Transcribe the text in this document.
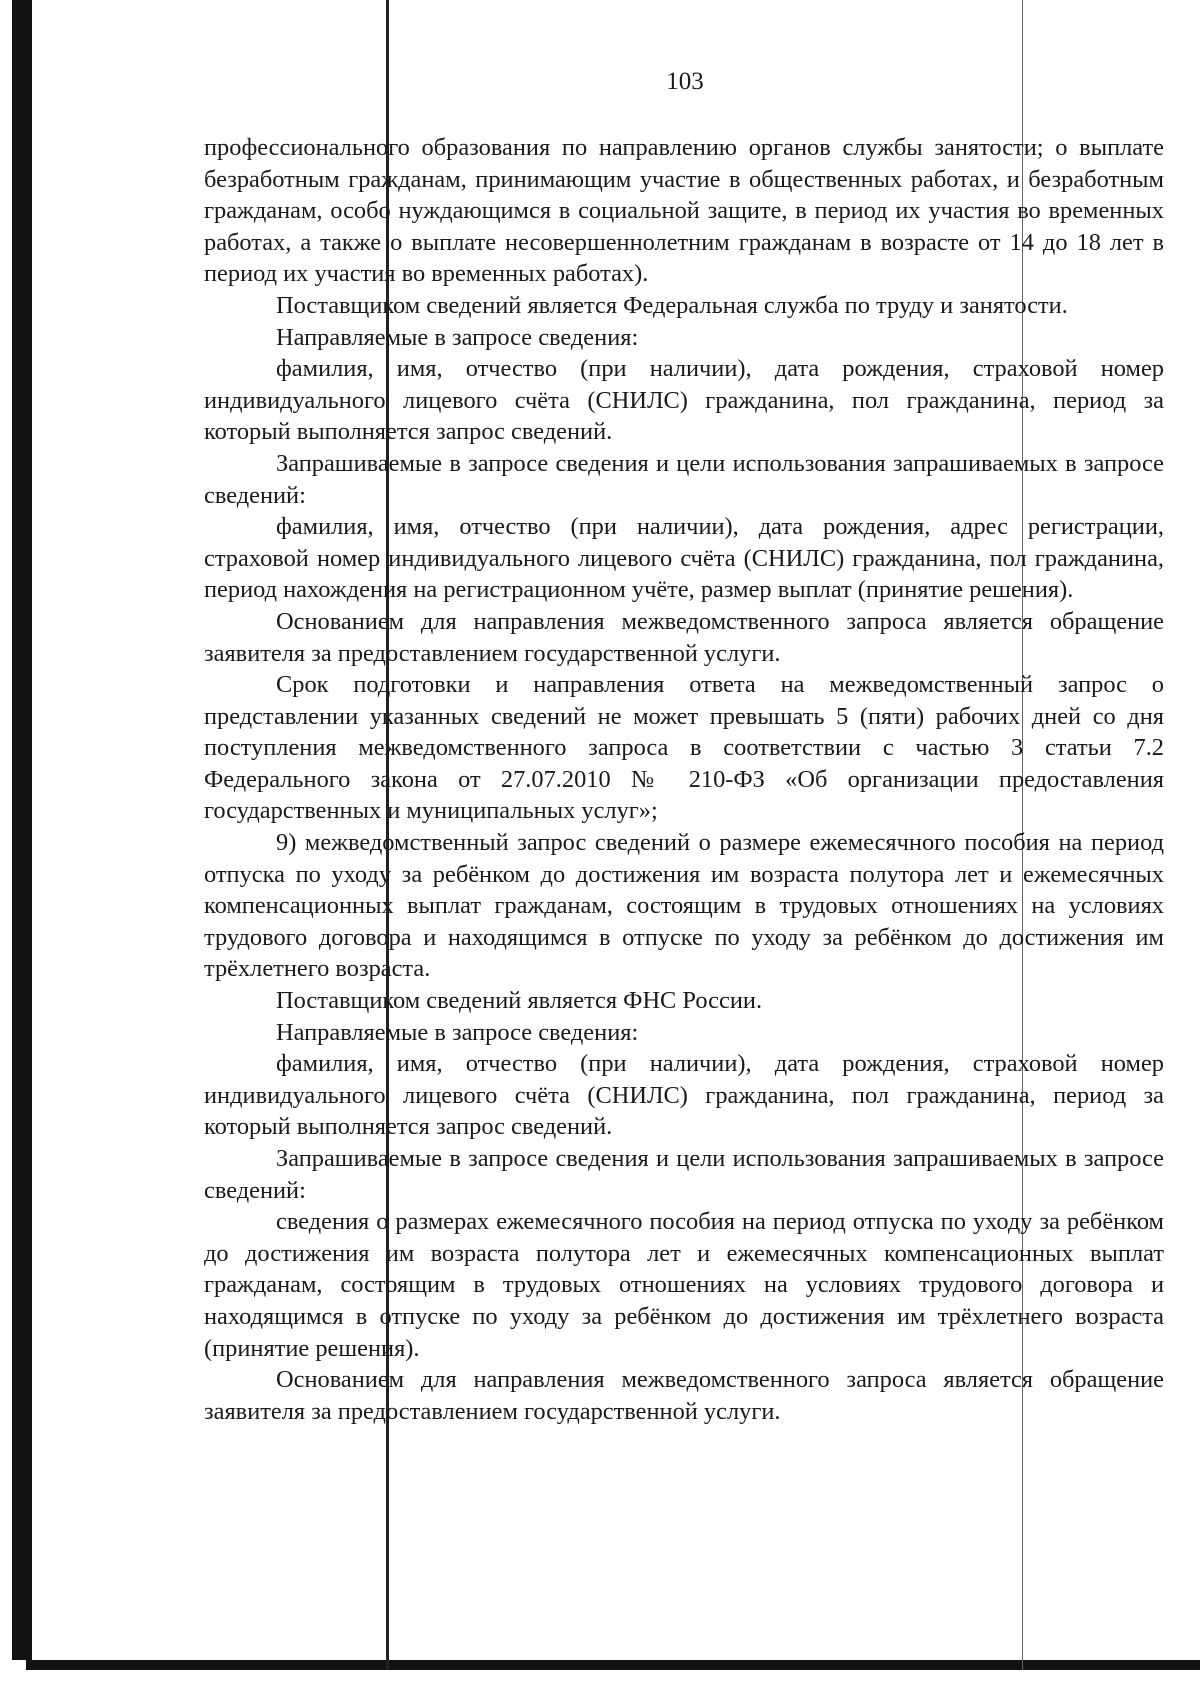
103

профессионального образования по направлению органов службы занятости; о выплате безработным гражданам, принимающим участие в общественных работах, и безработным гражданам, особо нуждающимся в социальной защите, в период их участия во временных работах, а также о выплате несовершеннолетним гражданам в возрасте от 14 до 18 лет в период их участия во временных работах).

Поставщиком сведений является Федеральная служба по труду и занятости.

Направляемые в запросе сведения:

фамилия, имя, отчество (при наличии), дата рождения, страховой номер индивидуального лицевого счёта (СНИЛС) гражданина, пол гражданина, период за который выполняется запрос сведений.

Запрашиваемые в запросе сведения и цели использования запрашиваемых в запросе сведений:

фамилия, имя, отчество (при наличии), дата рождения, адрес регистрации, страховой номер индивидуального лицевого счёта (СНИЛС) гражданина, пол гражданина, период нахождения на регистрационном учёте, размер выплат (принятие решения).

Основанием для направления межведомственного запроса является обращение заявителя за предоставлением государственной услуги.

Срок подготовки и направления ответа на межведомственный запрос о представлении указанных сведений не может превышать 5 (пяти) рабочих дней со дня поступления межведомственного запроса в соответствии с частью 3 статьи 7.2 Федерального закона от 27.07.2010 № 210-ФЗ «Об организации предоставления государственных и муниципальных услуг»;

9) межведомственный запрос сведений о размере ежемесячного пособия на период отпуска по уходу за ребёнком до достижения им возраста полутора лет и ежемесячных компенсационных выплат гражданам, состоящим в трудовых отношениях на условиях трудового договора и находящимся в отпуске по уходу за ребёнком до достижения им трёхлетнего возраста.

Поставщиком сведений является ФНС России.

Направляемые в запросе сведения:

фамилия, имя, отчество (при наличии), дата рождения, страховой номер индивидуального лицевого счёта (СНИЛС) гражданина, пол гражданина, период за который выполняется запрос сведений.

Запрашиваемые в запросе сведения и цели использования запрашиваемых в запросе сведений:

сведения о размерах ежемесячного пособия на период отпуска по уходу за ребёнком до достижения им возраста полутора лет и ежемесячных компенсационных выплат гражданам, состоящим в трудовых отношениях на условиях трудового договора и находящимся в отпуске по уходу за ребёнком до достижения им трёхлетнего возраста (принятие решения).

Основанием для направления межведомственного запроса является обращение заявителя за предоставлением государственной услуги.
